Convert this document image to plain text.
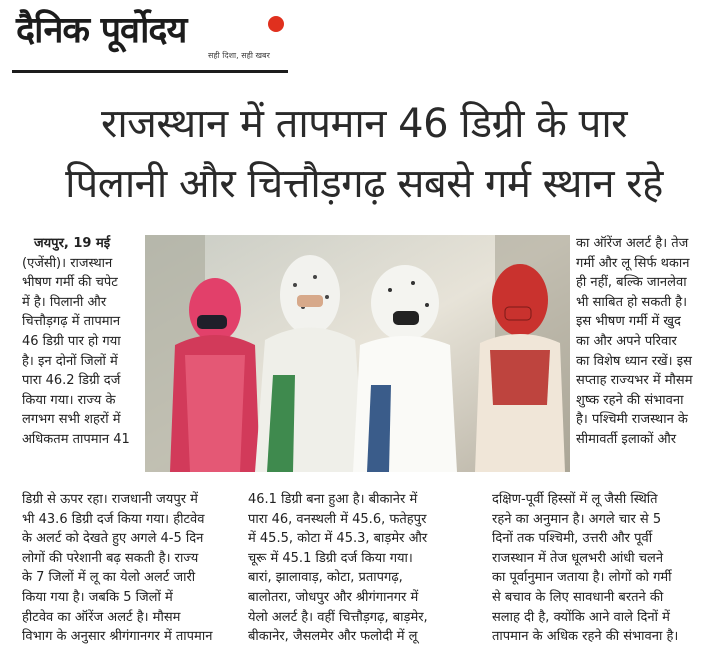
दैनिक पूर्वोदय
सही दिशा, सही खबर
राजस्थान में तापमान 46 डिग्री के पार
पिलानी और चित्तौड़गढ़ सबसे गर्म स्थान रहे

जयपुर, 19 मई

(एजेंसी)। राजस्थान

भीषण गर्मी की चपेट

में है। पिलानी और

चित्तौड़गढ़ में तापमान

46 डिग्री पार हो गया

है। इन दोनों जिलों में

पारा 46.2 डिग्री दर्ज

किया गया। राज्य के

लगभग सभी शहरों में

अधिकतम तापमान 41

का ऑरेंज अलर्ट है। तेज

गर्मी और लू सिर्फ थकान

ही नहीं, बल्कि जानलेवा

भी साबित हो सकती है।

इस भीषण गर्मी में खुद

का और अपने परिवार

का विशेष ध्यान रखें। इस

सप्ताह राज्यभर में मौसम

शुष्क रहने की संभावना

है। पश्चिमी राजस्थान के

सीमावर्ती इलाकों और

डिग्री से ऊपर रहा। राजधानी जयपुर में

भी 43.6 डिग्री दर्ज किया गया। हीटवेव

के अलर्ट को देखते हुए अगले 4-5 दिन

लोगों की परेशानी बढ़ सकती है। राज्य

के 7 जिलों में लू का येलो अलर्ट जारी

किया गया है। जबकि 5 जिलों में

हीटवेव का ऑरेंज अलर्ट है। मौसम

विभाग के अनुसार श्रीगंगानगर में तापमान

46.1 डिग्री बना हुआ है। बीकानेर में

पारा 46, वनस्थली में 45.6, फतेहपुर

में 45.5, कोटा में 45.3, बाड़मेर और

चूरू में 45.1 डिग्री दर्ज किया गया।

बारां, झालावाड़, कोटा, प्रतापगढ़,

बालोतरा, जोधपुर और श्रीगंगानगर में

येलो अलर्ट है। वहीं चित्तौड़गढ़, बाड़मेर,

बीकानेर, जैसलमेर और फलोदी में लू

दक्षिण-पूर्वी हिस्सों में लू जैसी स्थिति

रहने का अनुमान है। अगले चार से 5

दिनों तक पश्चिमी, उत्तरी और पूर्वी

राजस्थान में तेज धूलभरी आंधी चलने

का पूर्वानुमान जताया है। लोगों को गर्मी

से बचाव के लिए सावधानी बरतने की

सलाह दी है, क्योंकि आने वाले दिनों में

तापमान के अधिक रहने की संभावना है।
